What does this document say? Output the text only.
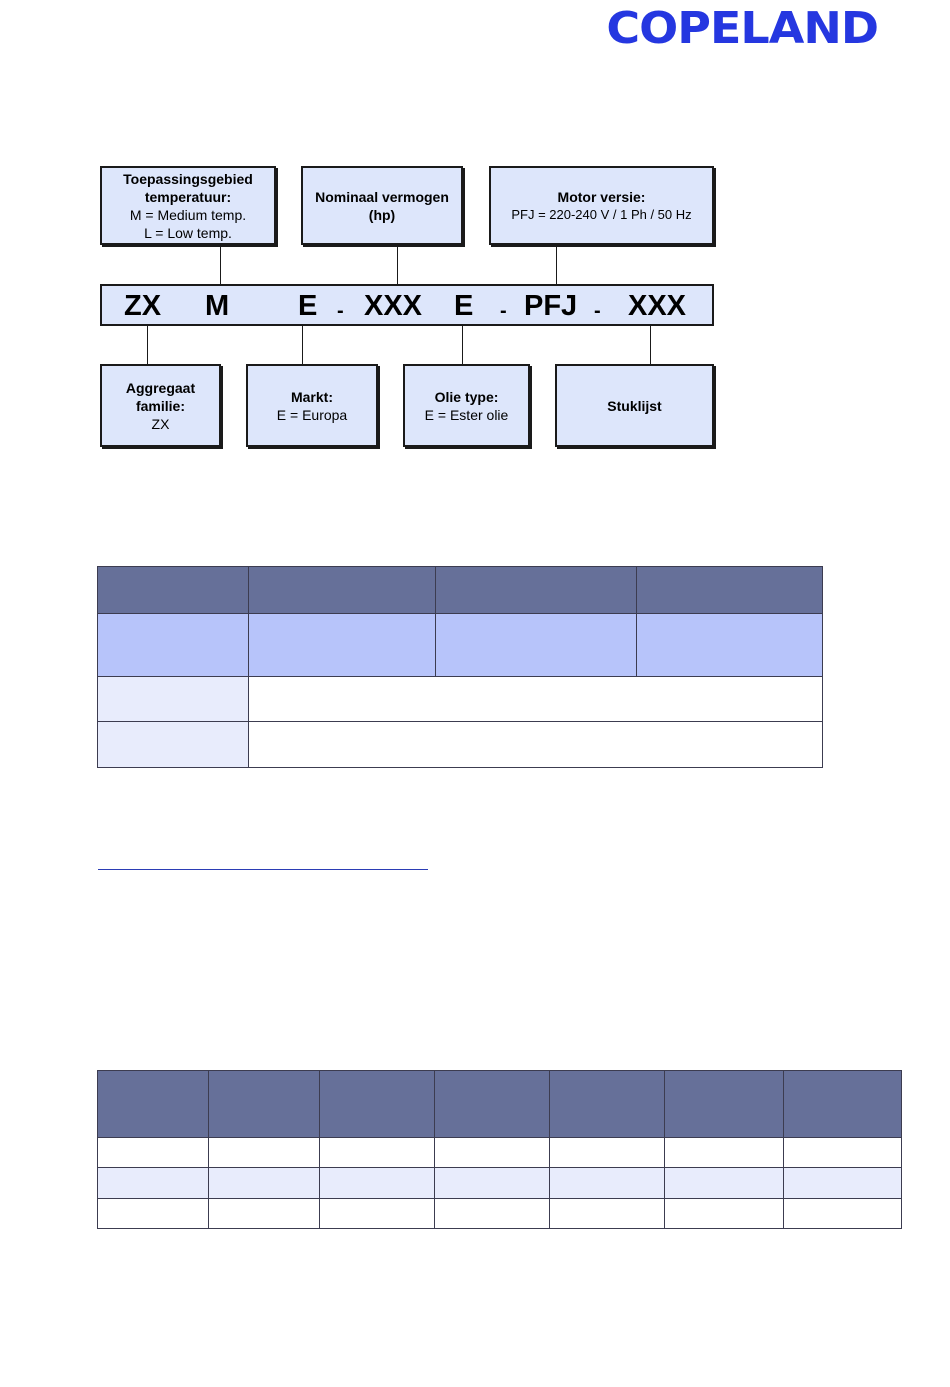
COPELAND
Toepassingsgebied
temperatuur:
M = Medium temp.
L = Low temp.
Nominaal vermogen
(hp)
Motor versie:
PFJ = 220-240 V / 1 Ph / 50 Hz
ZX M E - XXX E - PFJ - XXX
Aggregaat
familie:
ZX
Markt:
E = Europa
Olie type:
E = Ester olie
Stuklijst
